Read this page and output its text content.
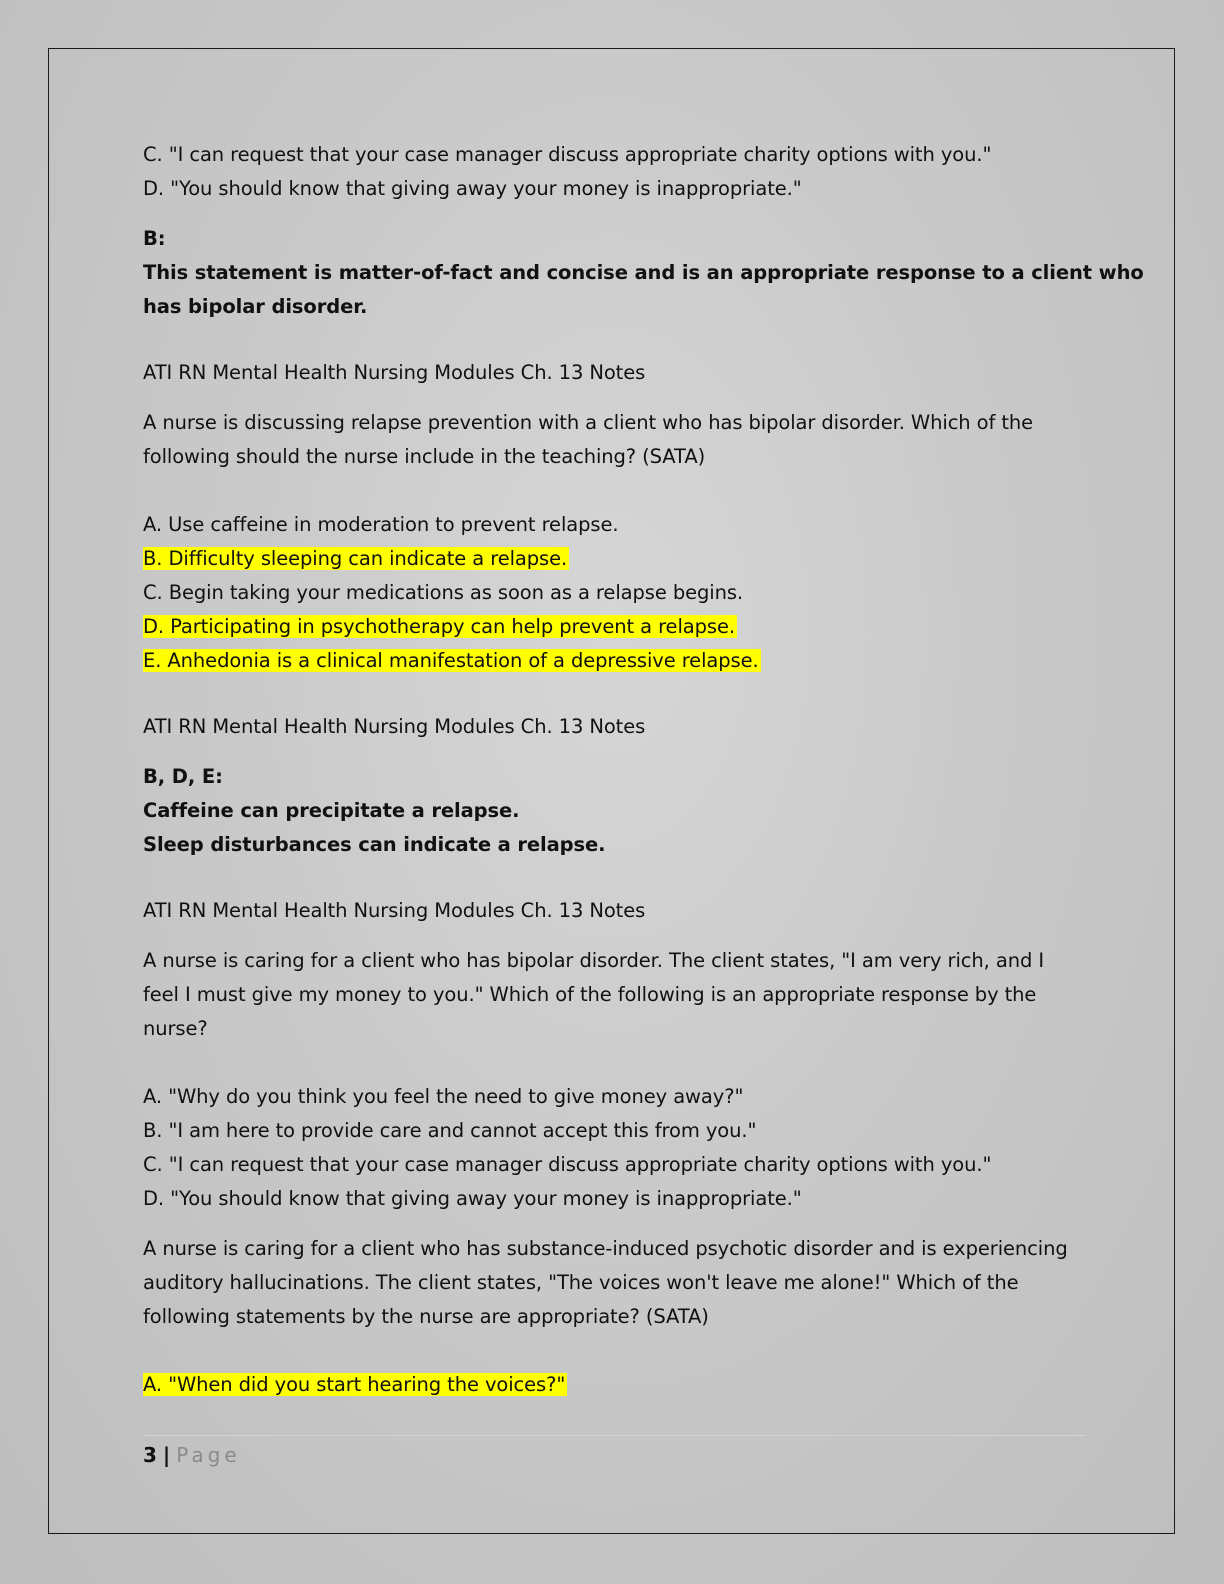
C. "I can request that your case manager discuss appropriate charity options with you."
D. "You should know that giving away your money is inappropriate."
B:
This statement is matter-of-fact and concise and is an appropriate response to a client who
has bipolar disorder.
ATI RN Mental Health Nursing Modules Ch. 13 Notes
A nurse is discussing relapse prevention with a client who has bipolar disorder. Which of the
following should the nurse include in the teaching? (SATA)
A. Use caffeine in moderation to prevent relapse.
B. Difficulty sleeping can indicate a relapse.
C. Begin taking your medications as soon as a relapse begins.
D. Participating in psychotherapy can help prevent a relapse.
E. Anhedonia is a clinical manifestation of a depressive relapse.
ATI RN Mental Health Nursing Modules Ch. 13 Notes
B, D, E:
Caffeine can precipitate a relapse.
Sleep disturbances can indicate a relapse.
ATI RN Mental Health Nursing Modules Ch. 13 Notes
A nurse is caring for a client who has bipolar disorder. The client states, "I am very rich, and I
feel I must give my money to you." Which of the following is an appropriate response by the
nurse?
A. "Why do you think you feel the need to give money away?"
B. "I am here to provide care and cannot accept this from you."
C. "I can request that your case manager discuss appropriate charity options with you."
D. "You should know that giving away your money is inappropriate."
A nurse is caring for a client who has substance-induced psychotic disorder and is experiencing
auditory hallucinations. The client states, "The voices won't leave me alone!" Which of the
following statements by the nurse are appropriate? (SATA)
A. "When did you start hearing the voices?"
3 | Page
